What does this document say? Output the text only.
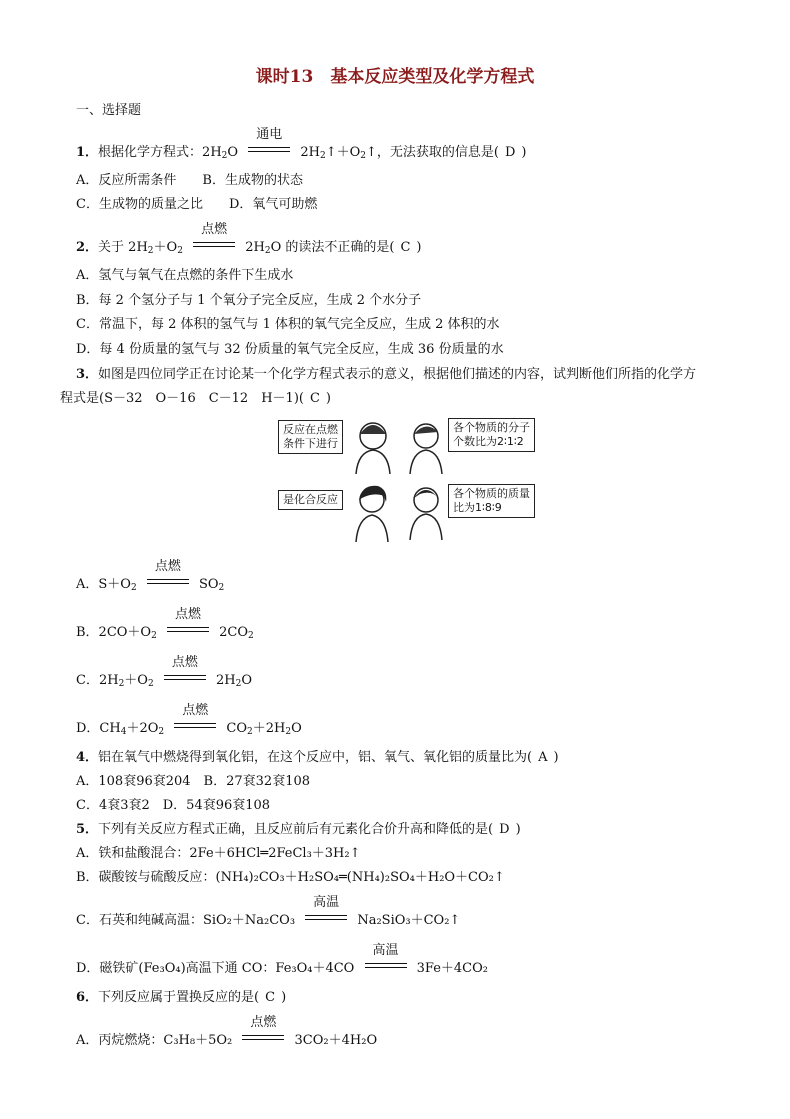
课时13　基本反应类型及化学方程式
一、选择题
1．根据化学方程式：$2H_2O$
通电
$2H_2↑+O_2↑$，无法获取的信息是( D )
A．反应所需条件　　B．生成物的状态
C．生成物的质量之比　　D．氧气可助燃
2．关于 $2H_2+O_2$
点燃
$2H_2O$ 的读法不正确的是( C )
A．氢气与氧气在点燃的条件下生成水
B．每 2 个氢分子与 1 个氧分子完全反应，生成 2 个水分子
C．常温下，每 2 体积的氢气与 1 体积的氧气完全反应，生成 2 体积的水
D．每 4 份质量的氢气与 32 份质量的氧气完全反应，生成 36 份质量的水
3．如图是四位同学正在讨论某一个化学方程式表示的意义，根据他们描述的内容，试判断他们所指的化学方
程式是(S－32　O－16　C－12　H－1)( C )
反应在点燃
条件下进行
各个物质的分子
个数比为2∶1∶2
是化合反应	各个物质的质量
比为1∶8∶9
A．$S+O_2$
点燃
$SO_2$
B．$2CO+O_2$
点燃
$2CO_2$
C．$2H_2+O_2$
点燃
$2H_2O$
D．$CH_4+2O_2$
点燃
$CO_2+2H_2O$
4．铝在氧气中燃烧得到氧化铝，在这个反应中，铝、氧气、氧化铝的质量比为( A )
A．108袞96袞204　B．27袞32袞108
C．4袞3袞2　D．54袞96袞108
5．下列有关反应方程式正确，且反应前后有元素化合价升高和降低的是( D )
A．铁和盐酸混合：2Fe＋6HCl═2FeCl₃＋3H₂↑
B．碳酸铵与硫酸反应：(NH₄)₂CO₃＋H₂SO₄═(NH₄)₂SO₄＋H₂O＋CO₂↑
C．石英和纯碱高温：SiO₂＋Na₂CO₃
高温
Na₂SiO₃＋CO₂↑
D．磁铁矿(Fe₃O₄)高温下通 CO：Fe₃O₄＋4CO
高温
3Fe＋4CO₂
6．下列反应属于置换反应的是( C )
A．丙烷燃烧：C₃H₈＋5O₂
点燃
3CO₂＋4H₂O
